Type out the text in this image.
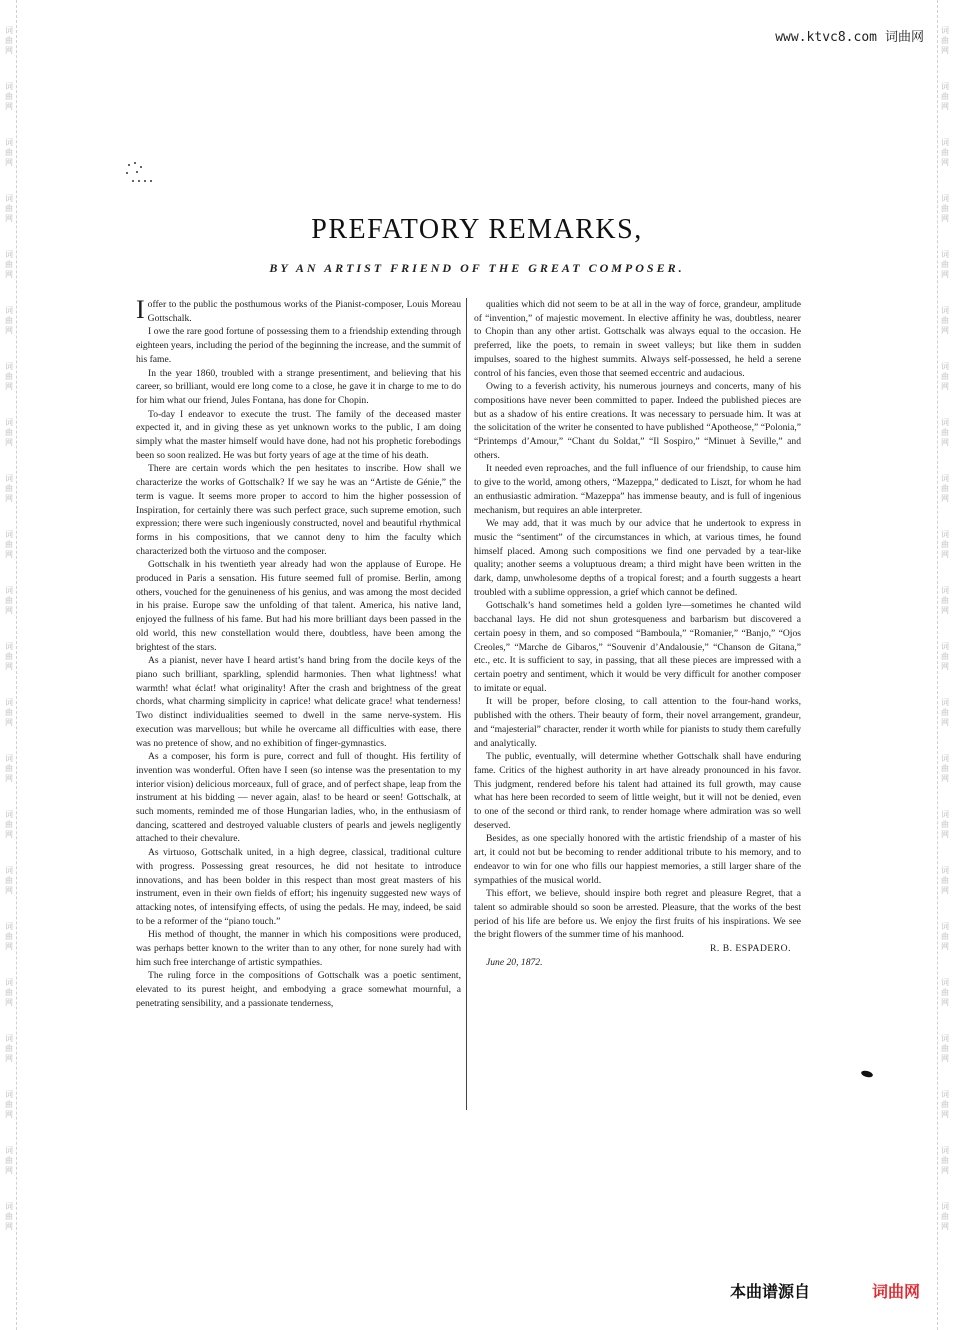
词
曲
网
词
曲
网
词
曲
网
词
曲
网
词
曲
网
词
曲
网
词
曲
网
词
曲
网
词
曲
网
词
曲
网
词
曲
网
词
曲
网
词
曲
网
词
曲
网
词
曲
网
词
曲
网
词
曲
网
词
曲
网
词
曲
网
词
曲
网
词
曲
网
词
曲
网
词
曲
网
词
曲
网
词
曲
网
词
曲
网
词
曲
网
词
曲
网
词
曲
网
词
曲
网
词
曲
网
词
曲
网
词
曲
网
词
曲
网
词
曲
网
词
曲
网
词
曲
网
词
曲
网
词
曲
网
词
曲
网
词
曲
网
词
曲
网
词
曲
网
词
曲
网
www.ktvc8.com 词曲网
PREFATORY REMARKS,

BY AN ARTIST FRIEND OF THE GREAT COMPOSER.

I offer to the public the posthumous works of the Pianist-composer, Louis Moreau Gottschalk.

I owe the rare good fortune of possessing them to a friendship extending through eighteen years, including the period of the beginning the increase, and the summit of his fame.

In the year 1860, troubled with a strange presentiment, and believing that his career, so brilliant, would ere long come to a close, he gave it in charge to me to do for him what our friend, Jules Fontana, has done for Chopin.

To-day I endeavor to execute the trust. The family of the deceased master expected it, and in giving these as yet unknown works to the public, I am doing simply what the master himself would have done, had not his prophetic forebodings been so soon realized. He was but forty years of age at the time of his death.

There are certain words which the pen hesitates to inscribe. How shall we characterize the works of Gottschalk? If we say he was an “Artiste de Génie,” the term is vague. It seems more proper to accord to him the higher possession of Inspiration, for certainly there was such perfect grace, such supreme emotion, such expression; there were such ingeniously constructed, novel and beautiful rhythmical forms in his compositions, that we cannot deny to him the faculty which characterized both the virtuoso and the composer.

Gottschalk in his twentieth year already had won the applause of Europe. He produced in Paris a sensation. His future seemed full of promise. Berlin, among others, vouched for the genuineness of his genius, and was among the most decided in his praise. Europe saw the unfolding of that talent. America, his native land, enjoyed the fullness of his fame. But had his more brilliant days been passed in the old world, this new constellation would there, doubtless, have been among the brightest of the stars.

As a pianist, never have I heard artist’s hand bring from the docile keys of the piano such brilliant, sparkling, splendid harmonies. Then what lightness! what warmth! what éclat! what originality! After the crash and brightness of the great chords, what charming simplicity in caprice! what delicate grace! what tenderness! Two distinct individualities seemed to dwell in the same nerve-system. His execution was marvellous; but while he overcame all difficulties with ease, there was no pretence of show, and no exhibition of finger-gymnastics.

As a composer, his form is pure, correct and full of thought. His fertility of invention was wonderful. Often have I seen (so intense was the presentation to my interior vision) delicious morceaux, full of grace, and of perfect shape, leap from the instrument at his bidding — never again, alas! to be heard or seen! Gottschalk, at such moments, reminded me of those Hungarian ladies, who, in the enthusiasm of dancing, scattered and destroyed valuable clusters of pearls and jewels negligently attached to their chevalure.

As virtuoso, Gottschalk united, in a high degree, classical, traditional culture with progress. Possessing great resources, he did not hesitate to introduce innovations, and has been bolder in this respect than most great masters of his instrument, even in their own fields of effort; his ingenuity suggested new ways of attacking notes, of intensifying effects, of using the pedals. He may, indeed, be said to be a reformer of the “piano touch.”

His method of thought, the manner in which his compositions were produced, was perhaps better known to the writer than to any other, for none surely had with him such free interchange of artistic sympathies.

The ruling force in the compositions of Gottschalk was a poetic sentiment, elevated to its purest height, and embodying a grace somewhat mournful, a penetrating sensibility, and a passionate tenderness,

qualities which did not seem to be at all in the way of force, grandeur, amplitude of “invention,” of majestic movement. In elective affinity he was, doubtless, nearer to Chopin than any other artist. Gottschalk was always equal to the occasion. He preferred, like the poets, to remain in sweet valleys; but like them in sudden impulses, soared to the highest summits. Always self-possessed, he held a serene control of his fancies, even those that seemed eccentric and audacious.

Owing to a feverish activity, his numerous journeys and concerts, many of his compositions have never been committed to paper. Indeed the published pieces are but as a shadow of his entire creations. It was necessary to persuade him. It was at the solicitation of the writer he consented to have published “Apotheose,” “Polonia,” “Printemps d’Amour,” “Chant du Soldat,” “Il Sospiro,” “Minuet à Seville,” and others.

It needed even reproaches, and the full influence of our friendship, to cause him to give to the world, among others, “Mazeppa,” dedicated to Liszt, for whom he had an enthusiastic admiration. “Mazeppa” has immense beauty, and is full of ingenious mechanism, but requires an able interpreter.

We may add, that it was much by our advice that he undertook to express in music the “sentiment” of the circumstances in which, at various times, he found himself placed. Among such compositions we find one pervaded by a tear-like quality; another seems a voluptuous dream; a third might have been written in the dark, damp, unwholesome depths of a tropical forest; and a fourth suggests a heart troubled with a sublime oppression, a grief which cannot be defined.

Gottschalk’s hand sometimes held a golden lyre—sometimes he chanted wild bacchanal lays. He did not shun grotesqueness and barbarism but discovered a certain poesy in them, and so composed “Bamboula,” “Romanier,” “Banjo,” “Ojos Creoles,” “Marche de Gibaros,” “Souvenir d’Andalousie,” “Chanson de Gitana,” etc., etc. It is sufficient to say, in passing, that all these pieces are impressed with a certain poetry and sentiment, which it would be very difficult for another composer to imitate or equal.

It will be proper, before closing, to call attention to the four-hand works, published with the others. Their beauty of form, their novel arrangement, grandeur, and “majesterial” character, render it worth while for pianists to study them carefully and analytically.

The public, eventually, will determine whether Gottschalk shall have enduring fame. Critics of the highest authority in art have already pronounced in his favor. This judgment, rendered before his talent had attained its full growth, may cause what has here been recorded to seem of little weight, but it will not be denied, even to one of the second or third rank, to render homage where admiration was so well deserved.

Besides, as one specially honored with the artistic friendship of a master of his art, it could not but be becoming to render additional tribute to his memory, and to endeavor to win for one who fills our happiest memories, a still larger share of the sympathies of the musical world.

This effort, we believe, should inspire both regret and pleasure Regret, that a talent so admirable should so soon be arrested. Pleasure, that the works of the best period of his life are before us. We enjoy the first fruits of his inspirations. We see the bright flowers of the summer time of his manhood.

R. B. ESPADERO.

June 20, 1872.

本曲谱源自	词曲网
